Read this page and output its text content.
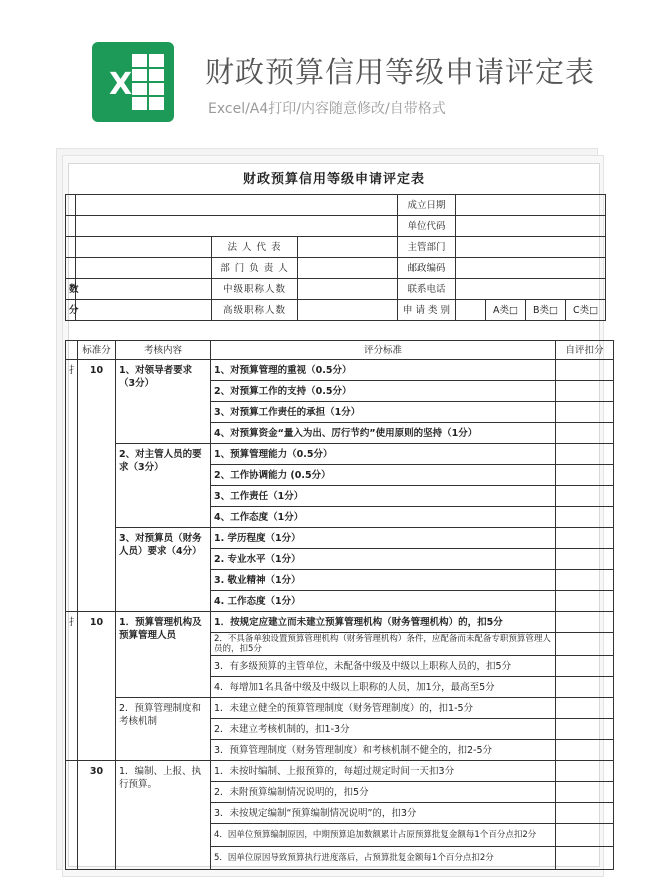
X	财政预算信用等级申请评定表
Excel/A4打印/内容随意修改/自带格式
财政预算信用等级申请评定表
				成立日期				
				单位代码				
		法 人 代 表		主管部门				
		部 门 负 责 人		邮政编码				
数		中级职称人数		联系电话				
分		高级职称人数		申 请 类 别		A类□	B类□	C类□
	标准分	考核内容	评分标准	自评扣分
扌	10	1、对领导者要求（3分）	1、对预算管理的重视（0.5分）	
			2、对预算工作的支持（0.5分）	
			3、对预算工作责任的承担（1分）	
			4、对预算资金“量入为出、厉行节约”使用原则的坚持（1分）	
		2、对主管人员的要求（3分）	1、预算管理能力（0.5分）	
			2、工作协调能力 (0.5分）	
			3、工作责任（1分）	
			4、工作态度（1分）	
		3、对预算员（财务人员）要求（4分）	1. 学历程度（1分）	
			2. 专业水平（1分）	
			3. 敬业精神（1分）	
			4. 工作态度（1分）	
扌	10	1．预算管理机构及预算管理人员	1．按规定应建立而未建立预算管理机构（财务管理机构）的，扣5分	
			2．不具备单独设置预算管理机构（财务管理机构）条件，应配备而未配备专职预算管理人员的，扣5分	
			3．有多级预算的主管单位，未配备中级及中级以上职称人员的，扣5分	
			4．每增加1名具备中级及中级以上职称的人员，加1分，最高至5分	
		2．预算管理制度和考核机制	1．未建立健全的预算管理制度（财务管理制度）的，扣1-5分	
			2．未建立考核机制的，扣1-3分	
			3．预算管理制度（财务管理制度）和考核机制不健全的，扣2-5分	
	30	1．编制、上报、执行预算。	1．未按时编制、上报预算的，每超过规定时间一天扣3分	
			2．未附预算编制情况说明的，扣5分	
			3．未按规定编制“预算编制情况说明”的，扣3分	
			4．因单位预算编制原因，中期预算追加数额累计占原预算批复金额每1个百分点扣2分	
			5．因单位原因导致预算执行进度落后，占预算批复金额每1个百分点扣2分	
